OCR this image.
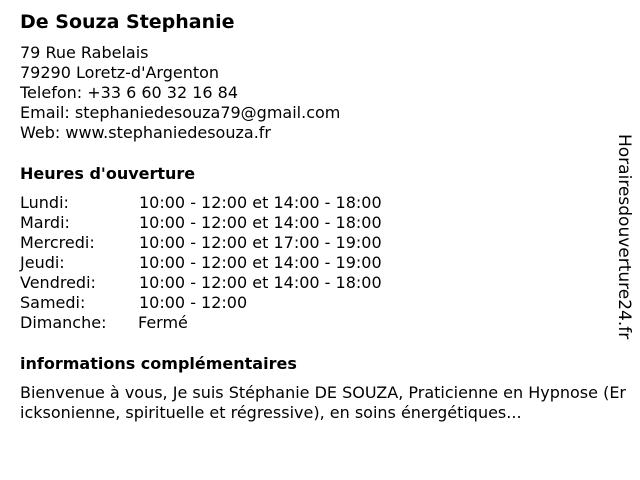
De Souza Stephanie
79 Rue Rabelais
79290 Loretz-d'Argenton
Telefon: +33 6 60 32 16 84
Email: stephaniedesouza79@gmail.com
Web: www.stephaniedesouza.fr
Heures d'ouverture
Lundi:	10:00 - 12:00 et 14:00 - 18:00
Mardi:	10:00 - 12:00 et 14:00 - 18:00
Mercredi:	10:00 - 12:00 et 17:00 - 19:00
Jeudi:	10:00 - 12:00 et 14:00 - 19:00
Vendredi:	10:00 - 12:00 et 14:00 - 18:00
Samedi:	10:00 - 12:00
Dimanche:	Fermé
informations complémentaires
Bienvenue à vous, Je suis Stéphanie DE SOUZA, Praticienne en Hypnose (Ericksonienne, spirituelle et régressive), en soins énergétiques...
Horairesdouverture24.fr
